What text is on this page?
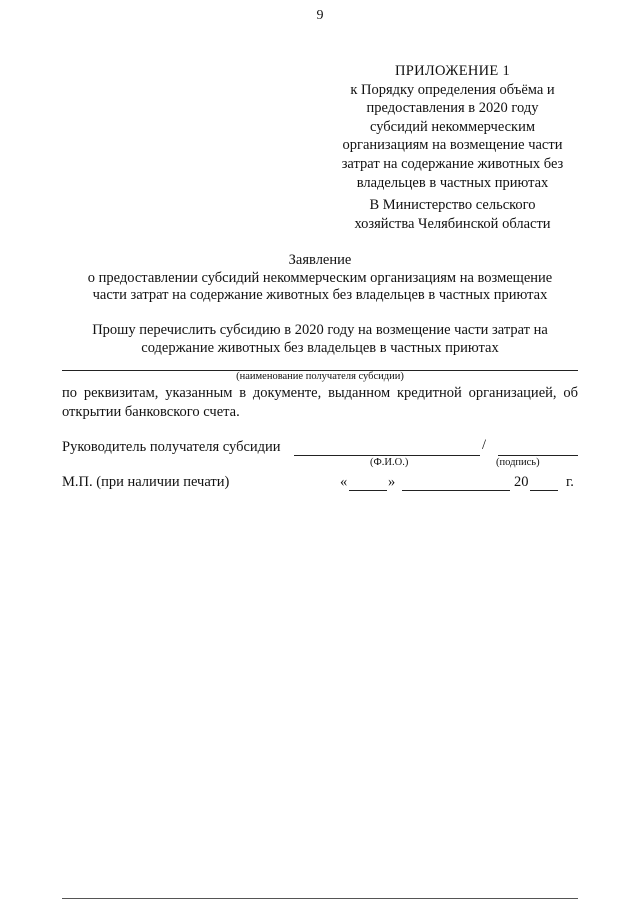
9
ПРИЛОЖЕНИЕ 1
к Порядку определения объёма и
предоставления в 2020 году
субсидий некоммерческим
организациям на возмещение части
затрат на содержание животных без
владельцев в частных приютах
В Министерство сельского
хозяйства Челябинской области
Заявление
о предоставлении субсидий некоммерческим организациям на возмещение
части затрат на содержание животных без владельцев в частных приютах
Прошу перечислить субсидию в 2020 году на возмещение части затрат на
содержание животных без владельцев в частных приютах
(наименование получателя субсидии)
по реквизитам, указанным в документе, выданном кредитной организацией, об открытии банковского счета.
Руководитель получателя субсидии	/
(Ф.И.О.)	(подпись)
М.П. (при наличии печати)	«	»	20	г.
